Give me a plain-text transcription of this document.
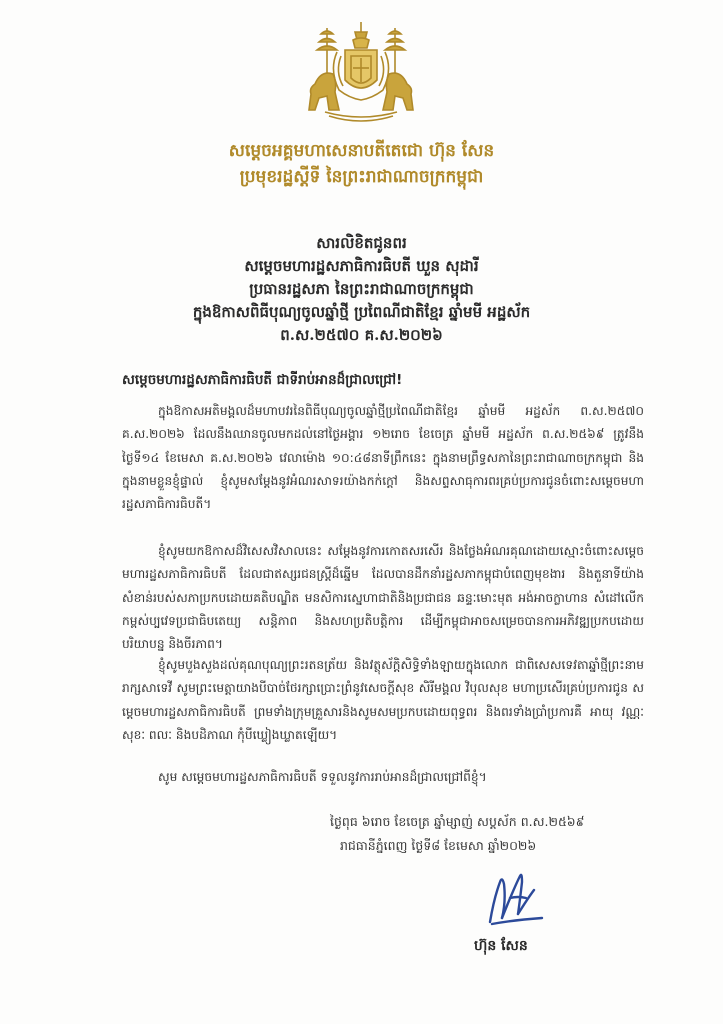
សម្តេចអគ្គមហាសេនាបតីតេជោ ហ៊ុន សែន
ប្រមុខរដ្ឋស្តីទី នៃព្រះរាជាណាចក្រកម្ពុជា
សារលិខិតជូនពរ
សម្តេចមហារដ្ឋសភាធិការធិបតី ឃួន សុដារី
ប្រធានរដ្ឋសភា នៃព្រះរាជាណាចក្រកម្ពុជា
ក្នុងឱកាសពិធីបុណ្យចូលឆ្នាំថ្មី ប្រពៃណីជាតិខ្មែរ ឆ្នាំមមី អដ្ឋស័ក
ព.ស.២៥៧០ គ.ស.២០២៦
សម្តេចមហារដ្ឋសភាធិការធិបតី ជាទីរាប់អានដ៏ជ្រាលជ្រៅ!

ក្នុងឱកាសអតិមង្គលដ៏មហាបវរនៃពិធីបុណ្យចូលឆ្នាំថ្មីប្រពៃណីជាតិខ្មែរ ឆ្នាំមមី អដ្ឋស័ក ព.ស.២៥៧០ គ.ស.២០២៦ ដែលនឹងឈានចូលមកដល់នៅថ្ងៃអង្គារ ១២រោច ខែចេត្រ ឆ្នាំមមី អដ្ឋស័ក ព.ស.២៥៦៩ ត្រូវនឹងថ្ងៃទី១៤ ខែមេសា គ.ស.២០២៦ វេលាម៉ោង ១០:៤៨នាទីព្រឹកនេះ ក្នុងនាមព្រឹទ្ធសភានៃព្រះរាជាណាចក្រកម្ពុជា និងក្នុងនាមខ្លួនខ្ញុំផ្ទាល់ ខ្ញុំសូមសម្តែងនូវអំណរសាទរយ៉ាងកក់ក្តៅ និងសព្ទសាធុការពរគ្រប់ប្រការជូនចំពោះសម្តេចមហារដ្ឋសភាធិការធិបតី។

ខ្ញុំសូមយកឱកាសដ៏វិសេសវិសាលនេះ សម្តែងនូវការកោតសរសើរ និងថ្លែងអំណរគុណដោយស្មោះចំពោះសម្តេចមហារដ្ឋសភាធិការធិបតី ដែលជាឥស្សរជនស្ត្រីដ៏ឆ្នើម ដែលបានដឹកនាំរដ្ឋសភាកម្ពុជាបំពេញមុខងារ និងតួនាទីយ៉ាងសំខាន់របស់សភាប្រកបដោយគតិបណ្ឌិត មនសិការស្នេហាជាតិនិងប្រជាជន ឆន្ទៈមោះមុត អង់អាចក្លាហាន សំដៅលើកកម្ពស់ប្បវេទប្រជាធិបតេយ្យ សន្តិភាព និងសហប្រតិបត្តិការ ដើម្បីកម្ពុជាអាចសម្រេចបានការអភិវឌ្ឍប្រកបដោយបរិយាបន្ន និងចីរភាព។

ខ្ញុំសូមបួងសួងដល់គុណបុណ្យព្រះរតនត្រ័យ និងវត្ថុស័ក្តិសិទ្ធិទាំងឡាយក្នុងលោក ជាពិសេសទេវតាឆ្នាំថ្មីព្រះនាម រាក្សសាទេវី សូមព្រះមេត្តាយាងបីបាច់ថែរក្សាប្រោះព្រំនូវសេចក្តីសុខ សិរីមង្គល វិបុលសុខ មហាប្រសើរគ្រប់ប្រការជូន សម្តេចមហារដ្ឋសភាធិការធិបតី ព្រមទាំងក្រុមគ្រួសារនិងសូមសមប្រកបដោយពុទ្ធពរ និងពរទាំងប្រាំប្រការគឺ អាយុ វណ្ណៈ សុខៈ ពលៈ និងបដិភាណ កុំបីឃ្លៀងឃ្លាតឡើយ។

សូម សម្តេចមហារដ្ឋសភាធិការធិបតី ទទួលនូវការរាប់អានដ៏ជ្រាលជ្រៅពីខ្ញុំ។

ថ្ងៃពុធ ៦រោច ខែចេត្រ ឆ្នាំម្សាញ់ សប្តស័ក ព.ស.២៥៦៩
រាជធានីភ្នំពេញ ថ្ងៃទី៨ ខែមេសា ឆ្នាំ២០២៦
ហ៊ុន សែន
